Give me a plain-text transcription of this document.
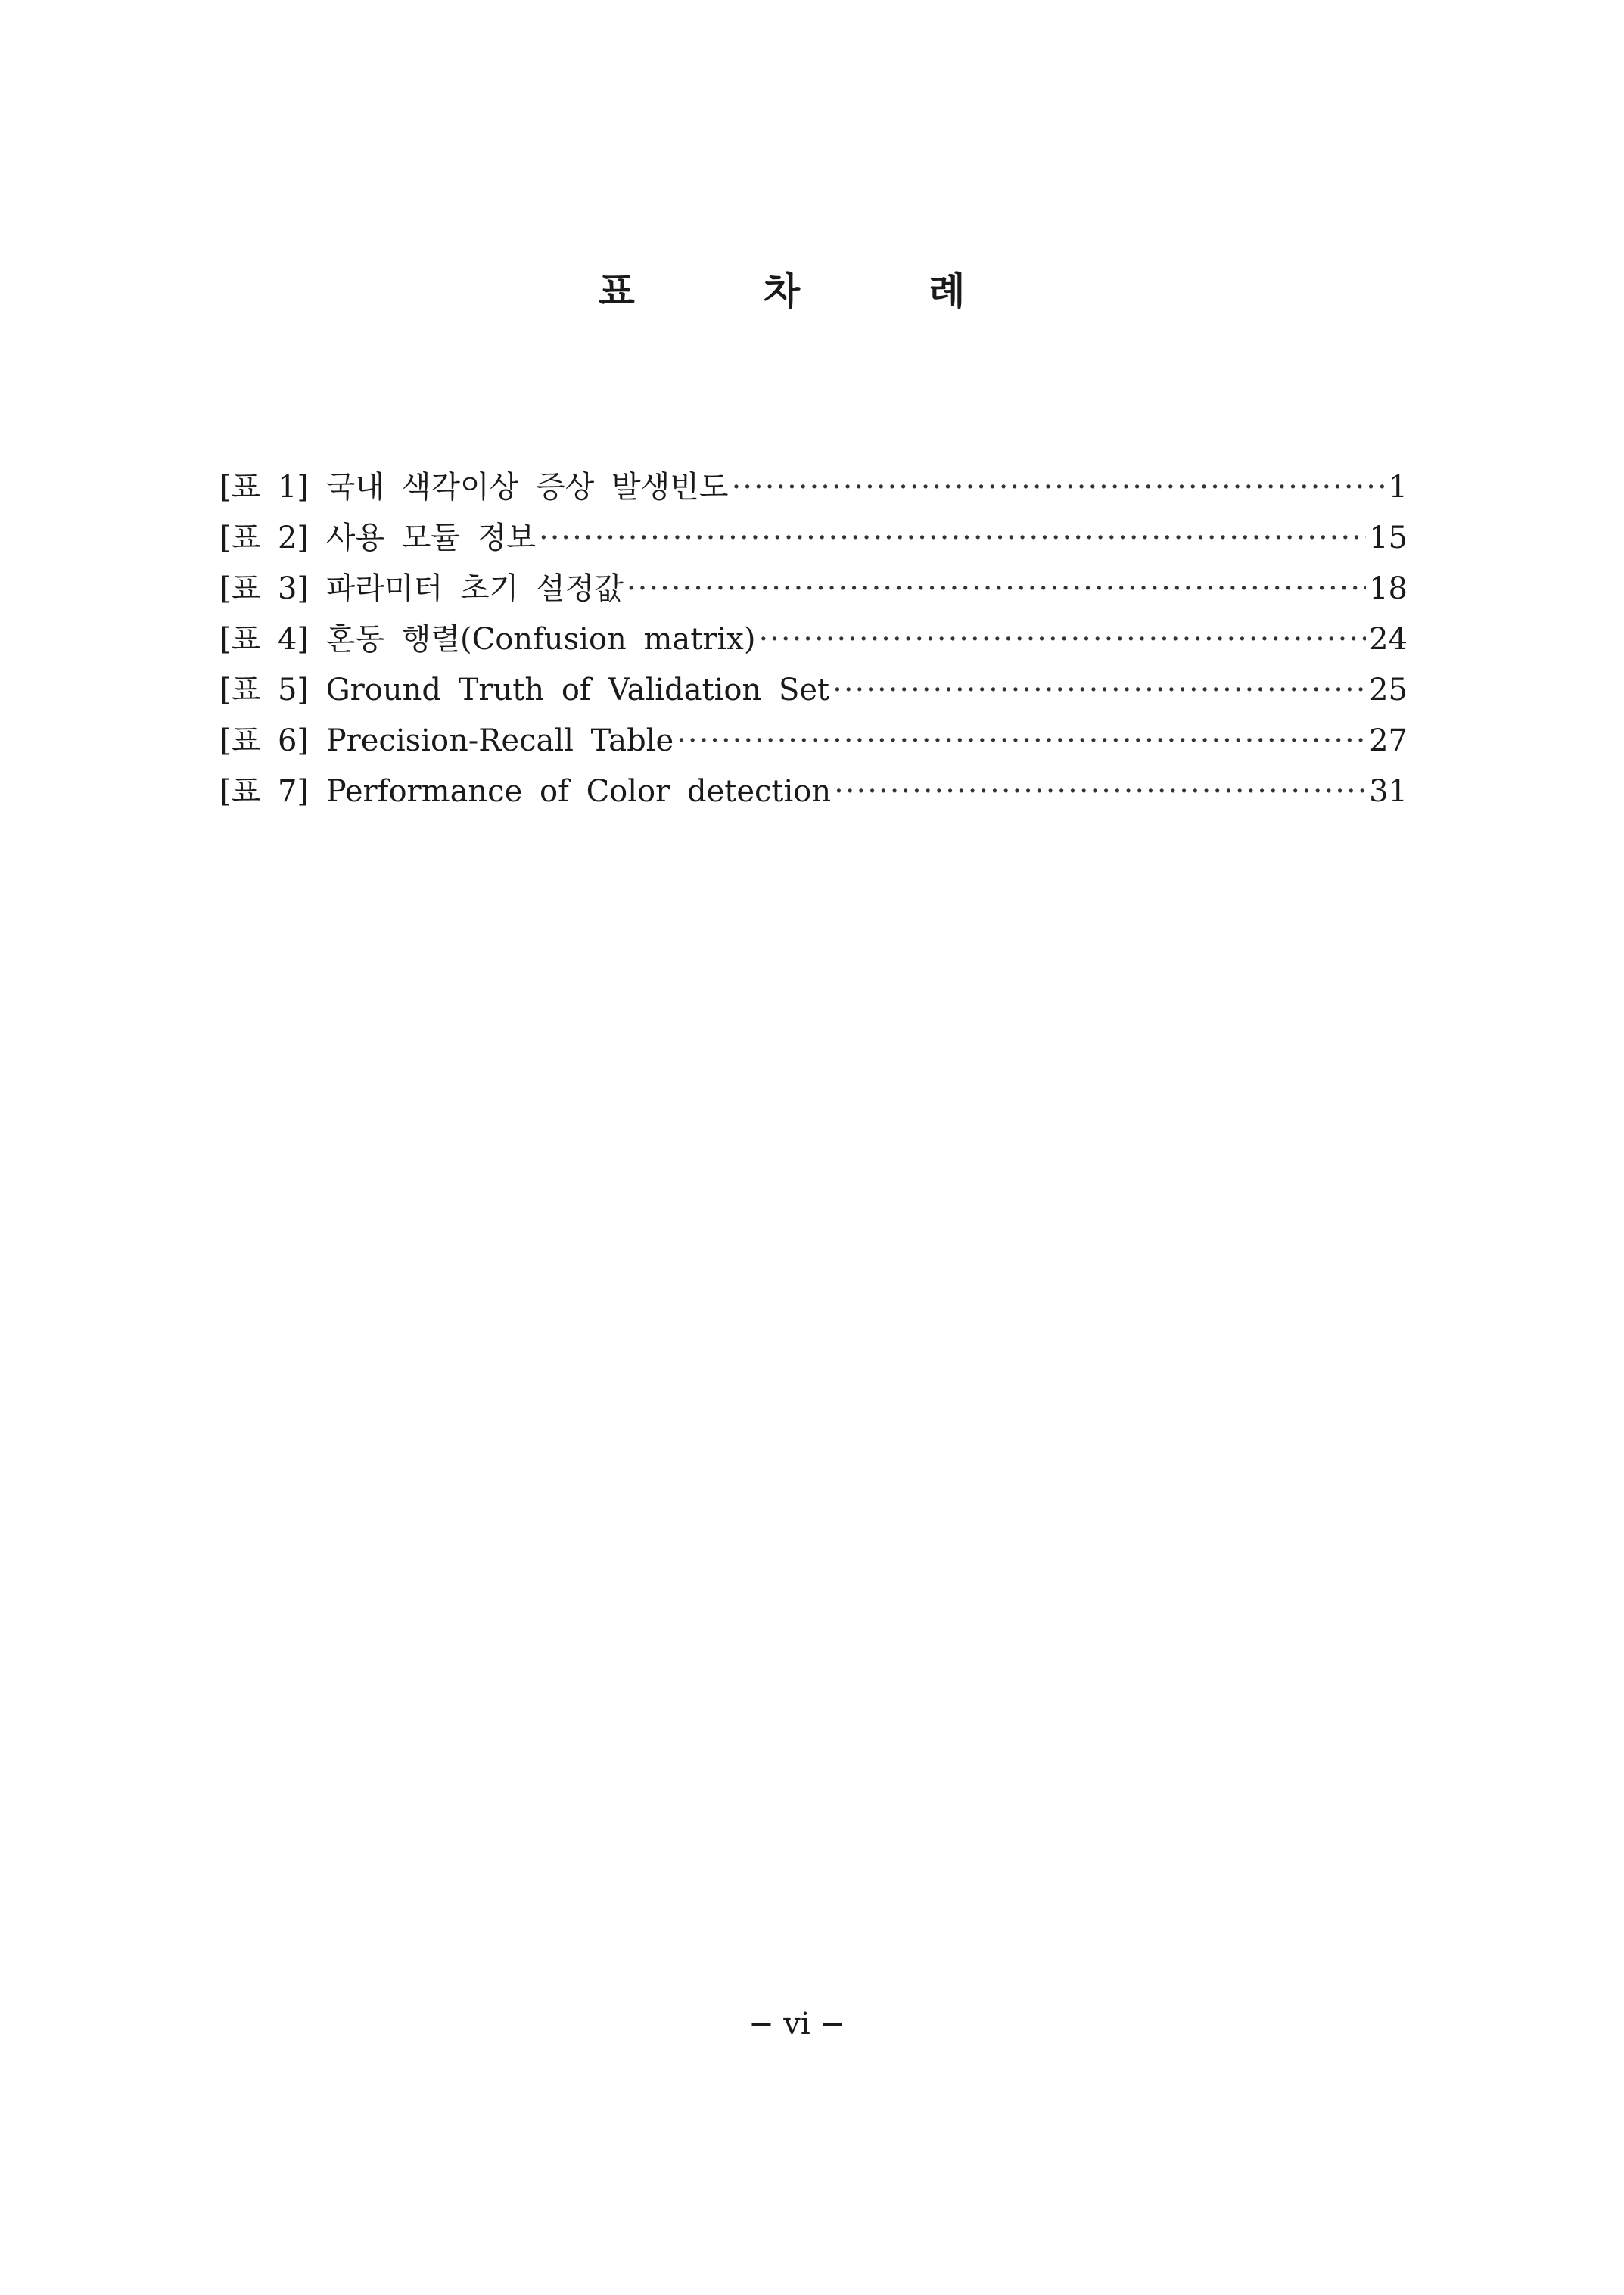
표	차	례
[표 1] 국내 색각이상 증상 발생빈도 ·····	1
[표 2] 사용 모듈 정보 ·····	15
[표 3] 파라미터 초기 설정값 ·····	18
[표 4] 혼동 행렬(Confusion matrix) ·····	24
[표 5] Ground Truth of Validation Set ·····	25
[표 6] Precision-Recall Table ·····	27
[표 7] Performance of Color detection ·····	31
− vi −
